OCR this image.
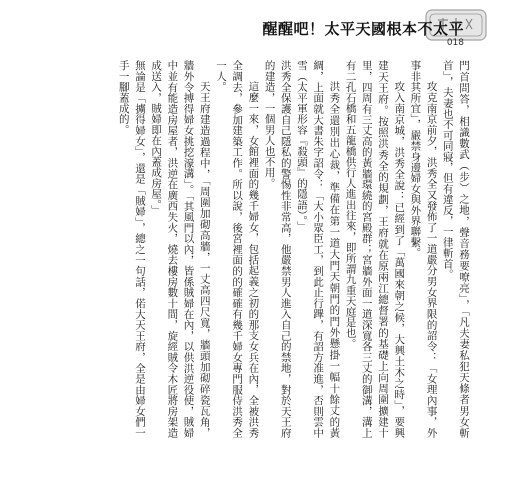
醒醒吧！太平天國根本不太平
018

門首問答，相識數武（步）之地，聲音務要嘹亮」，「凡夫妻私犯天條者男女斬首」，夫妻也不可同寢，但有違反，一律斬首。

攻克南京前夕，洪秀全又發佈了一道嚴分男女界限的詔令：「女理內事，外事非其所宜」，嚴禁身邊婦女與外界聯繫。

攻入南京城，洪秀全說：已經到了「萬國來朝之候，大興土木之時」，要興建天王府。按照洪秀全的規劃，王府就在原兩江總督署的基礎上向周圍擴建十里，四周有三丈高的黃牆環繞的宮殿群；宮牆外面一道深寬各三丈的御溝，溝上有二孔石橋和五龍橋供行人進出往來，即所謂九重天庭是也。

洪秀全還別出心裁，準備在第一道大門天朝門的門外懸掛一幅十餘丈的黃綢，上面就大書朱字詔令：「大小眾臣工，到此止行蹕，有詔方准進，否則雲中雪（太平軍形容『殺頭』的隱語）。」

洪秀全保護自己隱私的警惕性非常高，他嚴禁男人進入自己的禁地，對於天王府的建造，一個男人也不用。

這麼一來，女館裡面的幾千婦女，包括起義之初的那支女兵在內，全被洪秀全調去，參加建築工作。所以說，後宮裡面的的確確有幾千婦女專門服侍洪秀全一人。

天王府建造過程中，「周圍加砌高牆，一丈高四尺寬，牆頭加砌碎瓷瓦角，牆外令搏得婦女挑挖濠溝」。「其風門以內，皆係賊婦在內，以供洪逆役使，賊婦中並有能造房屋者，洪逆在廣西失火，燒去樓房數十間，旋經賊令木匠將房架造成送入，賊婦即在內蓋成房屋。」

無論是「擄得婦女」，還是「賊婦」，總之一句話，偌大天王府，全是由婦女們一手一腳蓋成的。
